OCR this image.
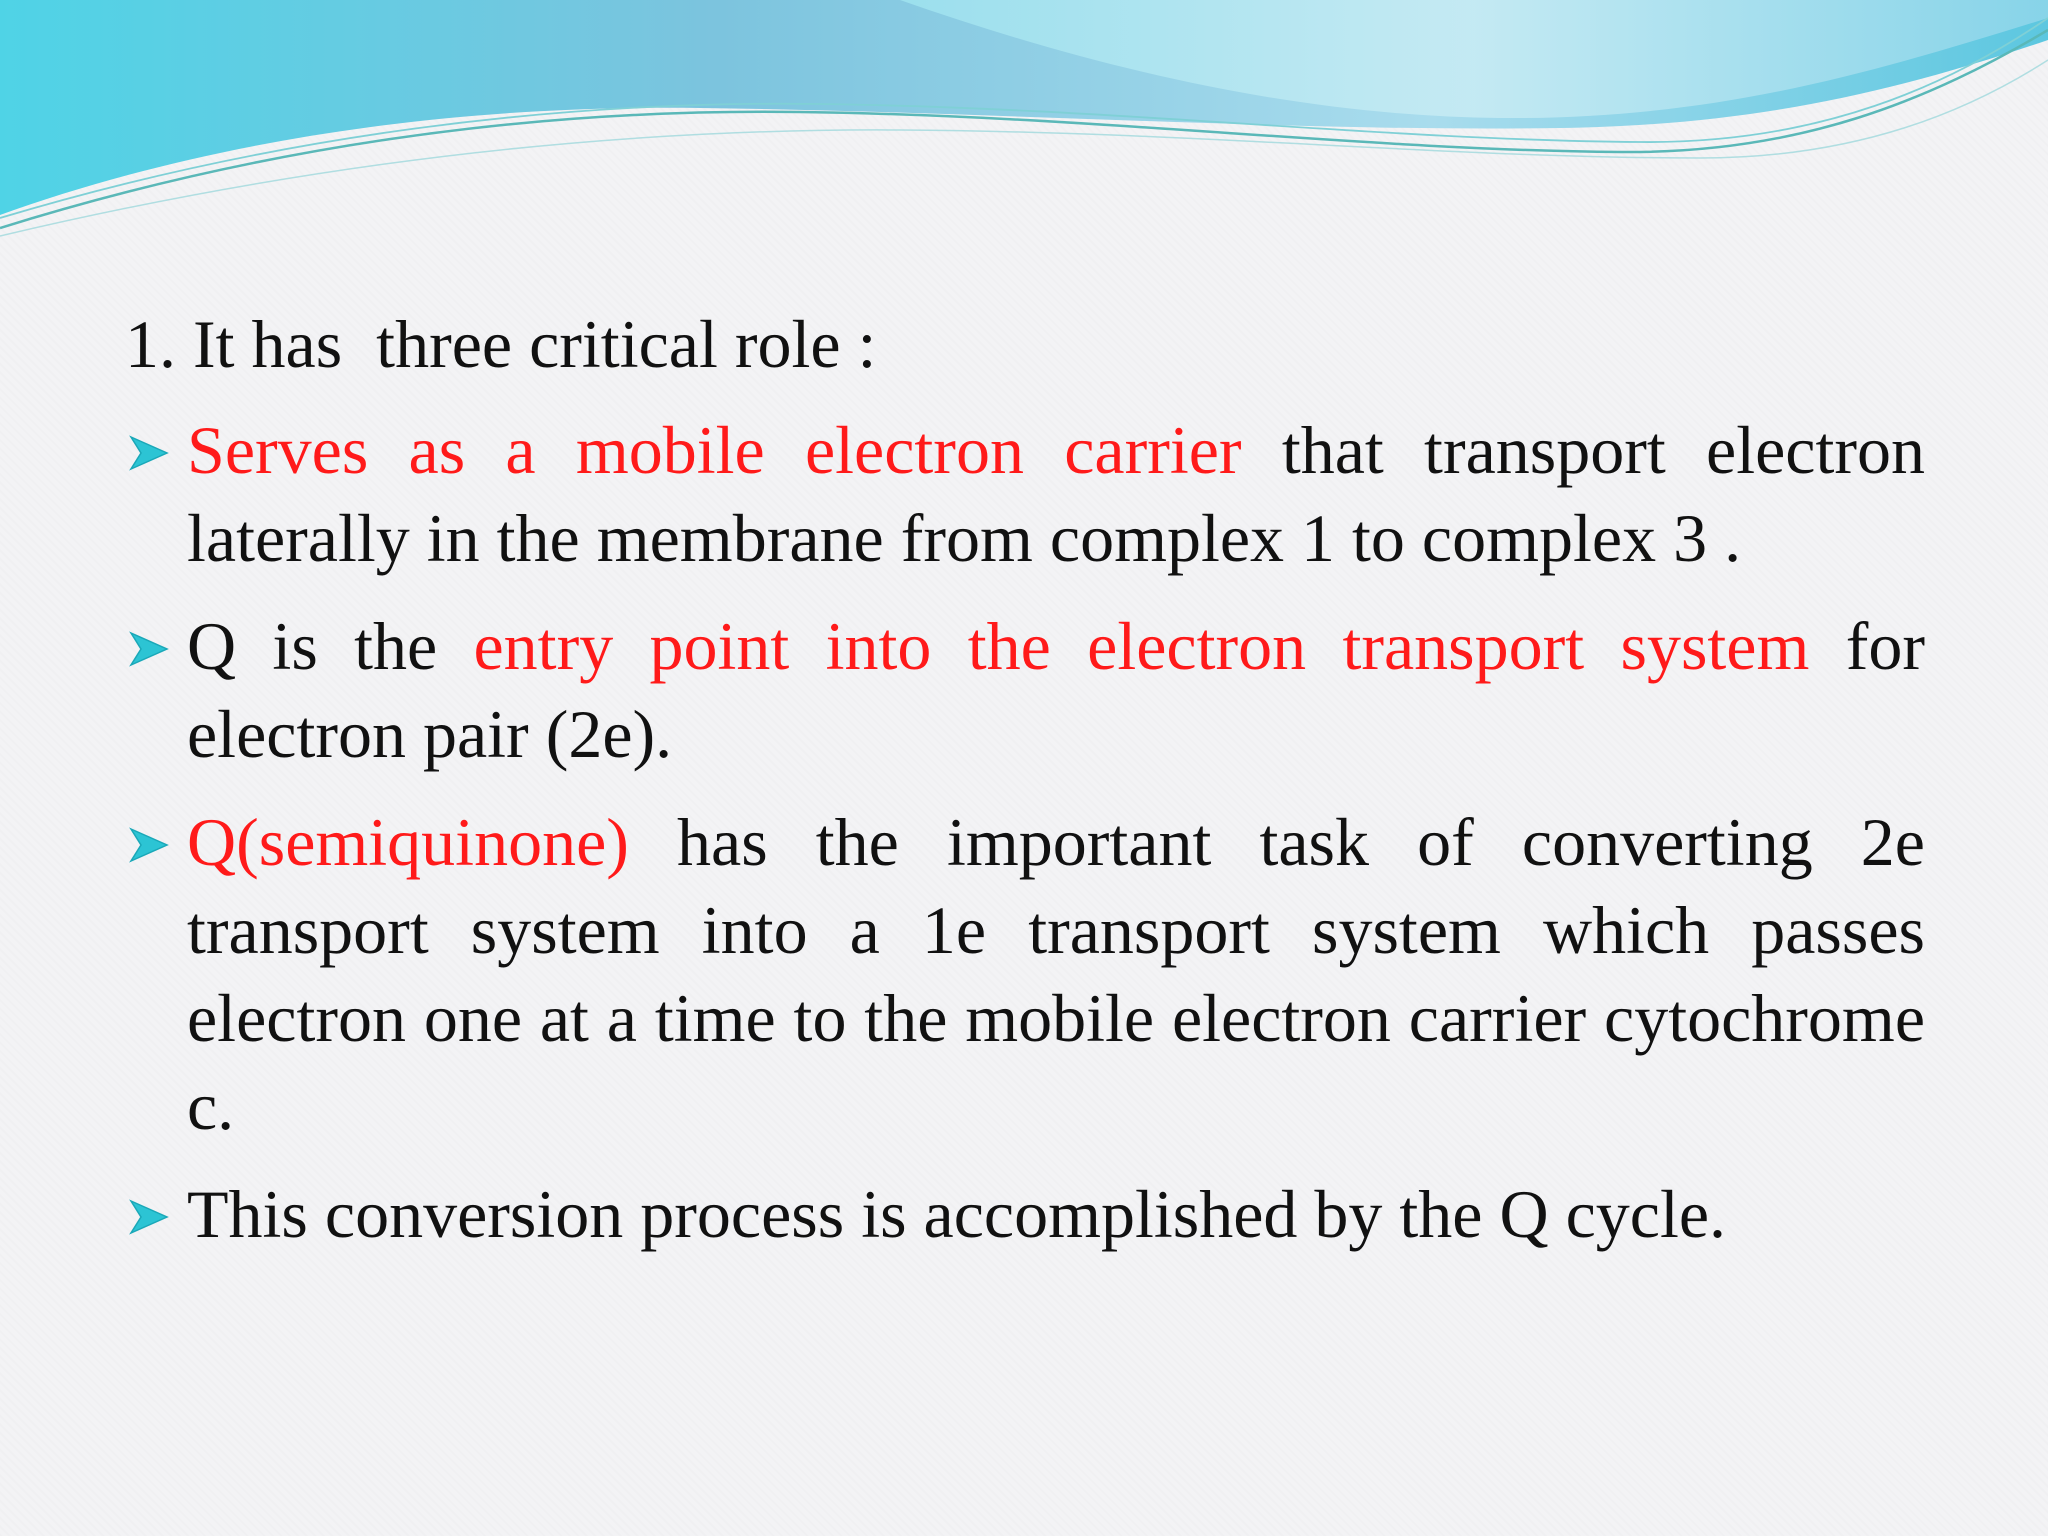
1. It has  three critical role :

Serves as a mobile electron carrier that transport electron laterally in the membrane from complex 1 to complex 3 .

Q is the entry point into the electron transport system for electron pair (2e).

Q(semiquinone) has the important task of converting 2e transport system into a 1e transport system which passes electron one at a time to the mobile electron carrier cytochrome c.

This conversion process is accomplished by the Q cycle.
